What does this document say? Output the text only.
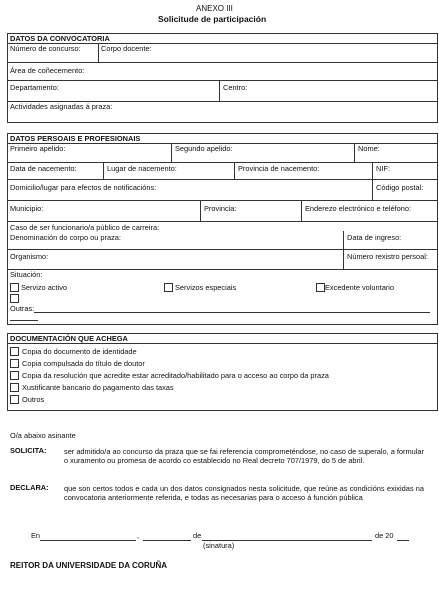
ANEXO III
Solicitude de participación
DATOS DA CONVOCATORIA
Número de concurso:	Corpo docente:
Área de coñecemento:
Departamento:	Centro:
Actividades asignadas á praza:
DATOS PERSOAIS E PROFESIONAIS
Primeiro apelido:	Segundo apelido:	Nome:
Data de nacemento:	Lugar de nacemento:	Provincia de nacemento:	NIF:
Domicilio/lugar para efectos de notificacións:	Código postal:
Municipio:	Provincia:	Enderezo electrónico e teléfono:
Caso de ser funcionario/a público de carreira:
Denominación do corpo ou praza:	Data de ingreso:
Organismo:	Número rexistro persoal:
Situación:
Servizo activo	Servizos especiais	Excedente voluntario
Outras:
DOCUMENTACIÓN QUE ACHEGA
Copia do documento de identidade
Copia compulsada do título de doutor
Copia da resolución que acredite estar acreditado/habilitado para o acceso ao corpo da praza
Xustificante bancario do pagamento das taxas
Outros
O/a abaixo asinante
SOLICITA: ser admitido/a ao concurso da praza que se fai referencia comprometéndose, no caso de superalo, a formular o xuramento ou promesa de acordo co establecido no Real decreto 707/1979, do 5 de abril.
DECLARA: que son certos todos e cada un dos datos consignados nesta solicitude, que reúne as condicións exixidas na convocatoria anteriormente referida, e todas as necesarias para o acceso á función pública
En	,	de	de 20
(sinatura)
REITOR DA UNIVERSIDADE DA CORUÑA
